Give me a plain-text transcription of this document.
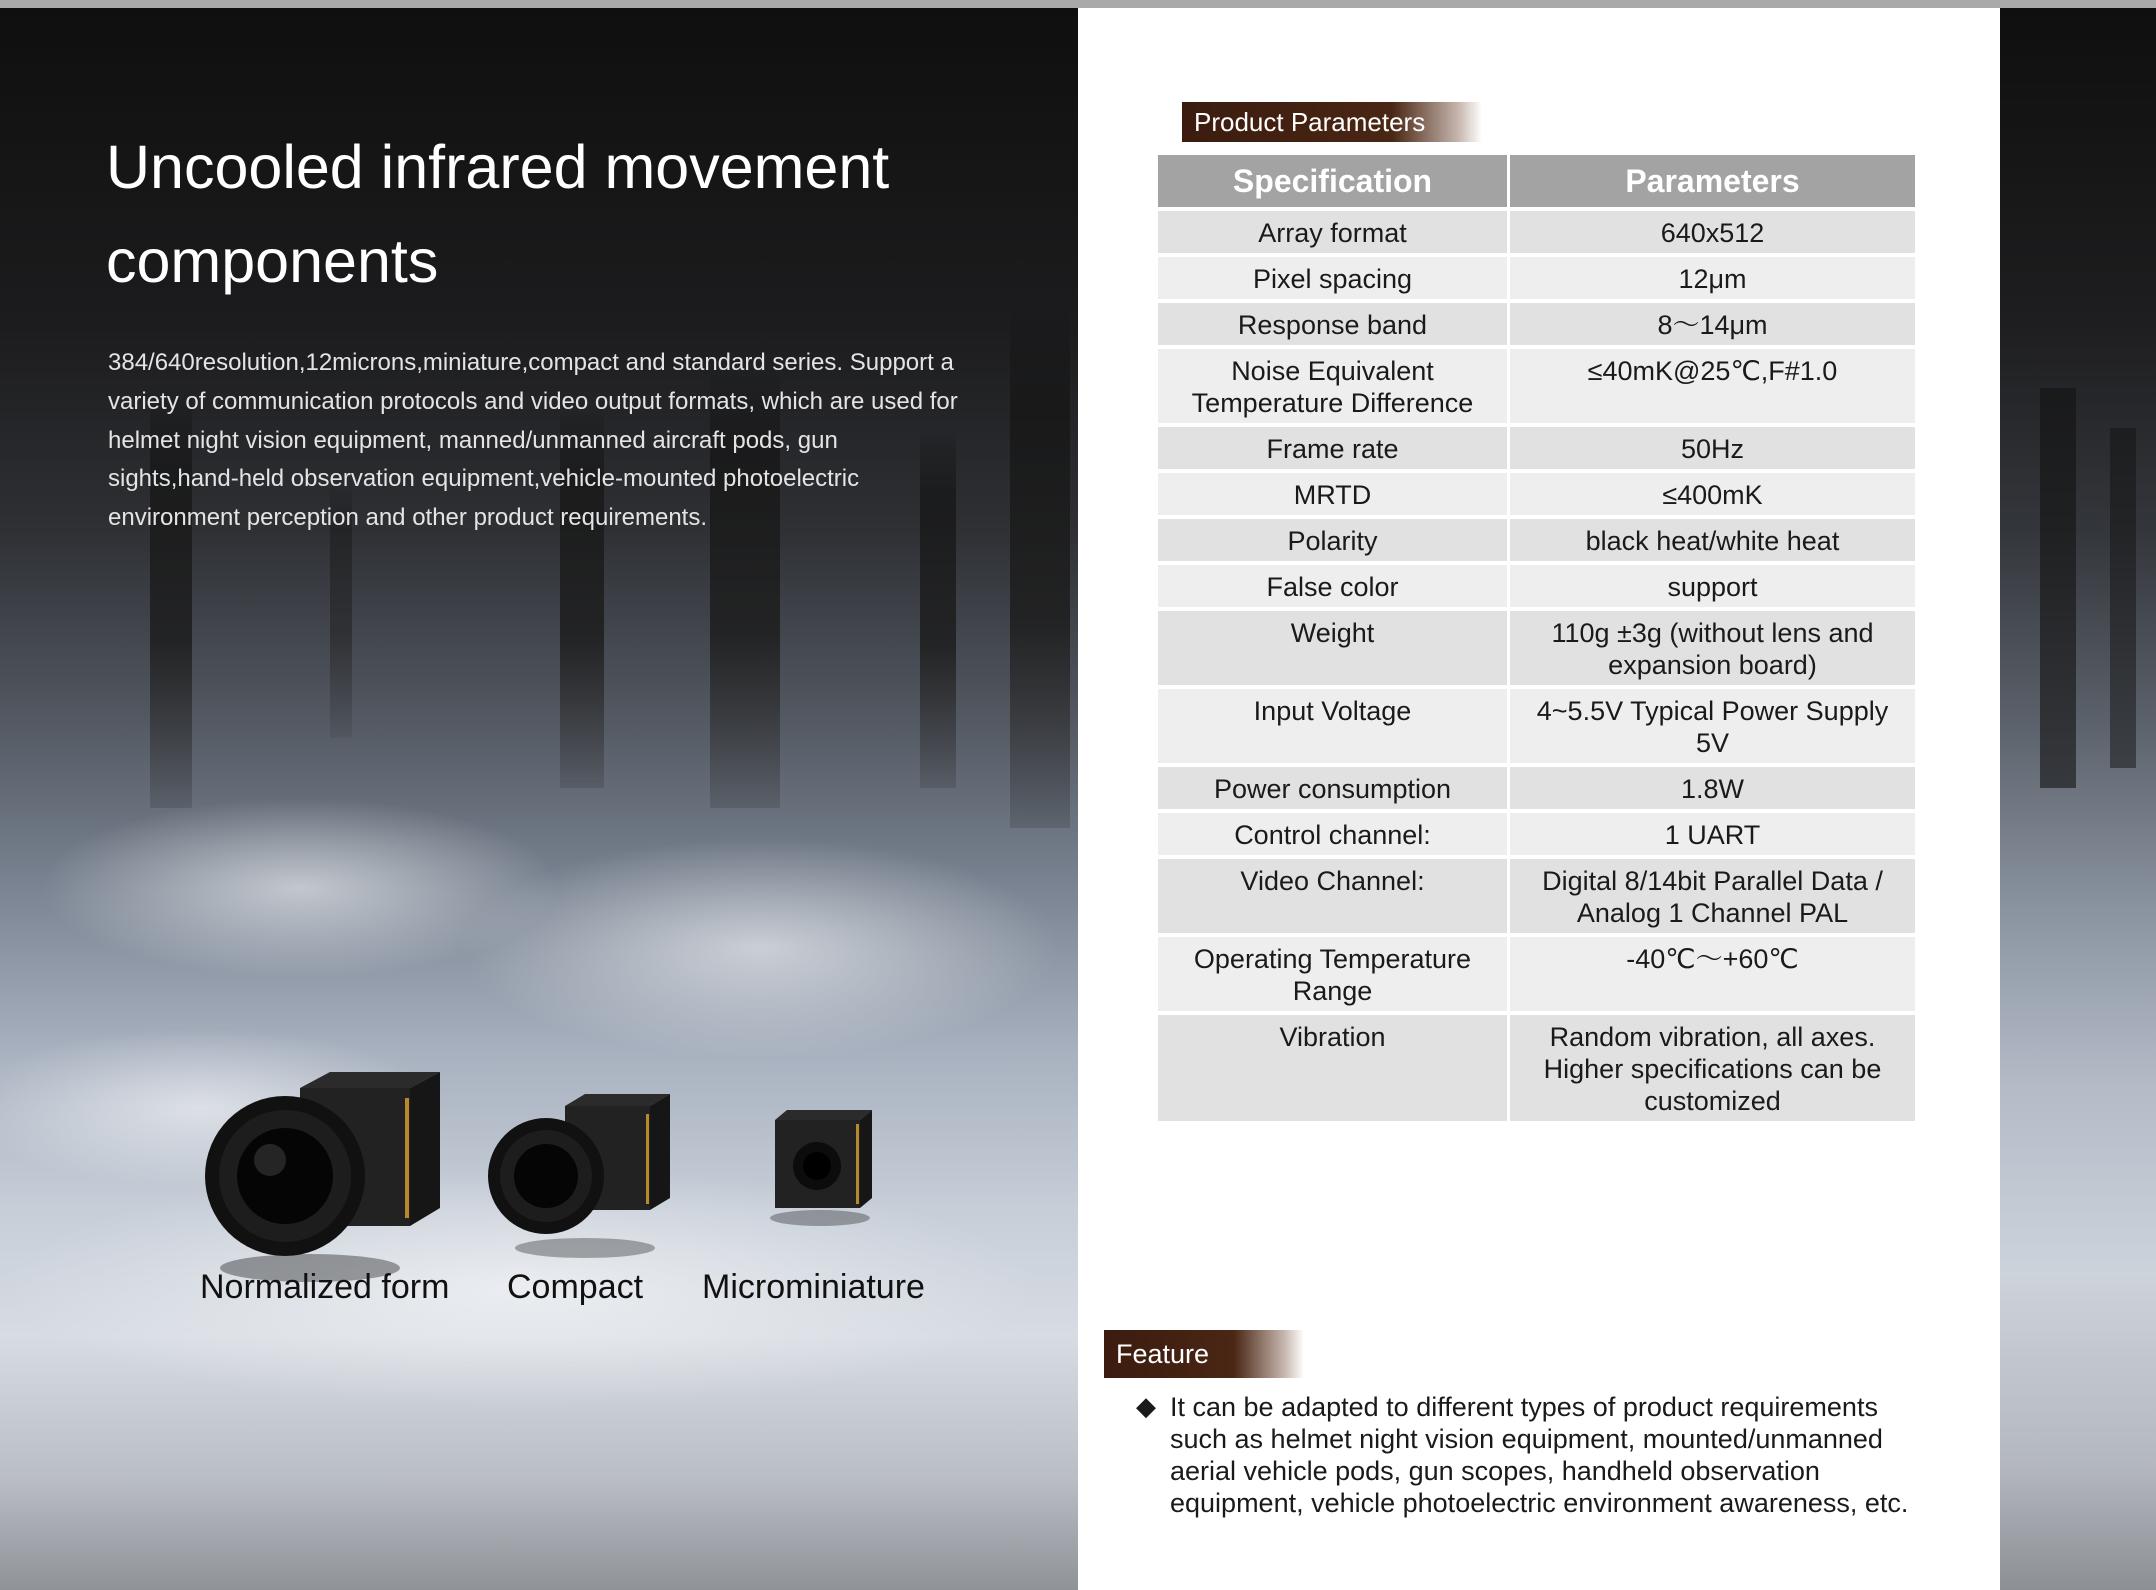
Uncooled infrared movement components

384/640resolution,12microns,miniature,compact and standard series. Support a variety of communication protocols and video output formats, which are used for helmet night vision equipment, manned/unmanned aircraft pods, gun sights,hand-held observation equipment,vehicle-mounted photoelectric environment perception and other product requirements.

Normalized form Compact Microminiature
Product Parameters
Specification	Parameters
Array format	640x512
Pixel spacing	12μm
Response band	8～14μm
Noise Equivalent Temperature Difference	≤40mK@25℃,F#1.0
Frame rate	50Hz
MRTD	≤400mK
Polarity	black heat/white heat
False color	support
Weight	110g ±3g (without lens and expansion board)
Input Voltage	4~5.5V Typical Power Supply 5V
Power consumption	1.8W
Control channel:	1 UART
Video Channel:	Digital 8/14bit Parallel Data / Analog 1 Channel PAL
Operating Temperature Range	-40℃～+60℃
Vibration	Random vibration, all axes. Higher specifications can be customized
Feature
◆ It can be adapted to different types of product requirements such as helmet night vision equipment, mounted/unmanned aerial vehicle pods, gun scopes, handheld observation equipment, vehicle photoelectric environment awareness, etc.
